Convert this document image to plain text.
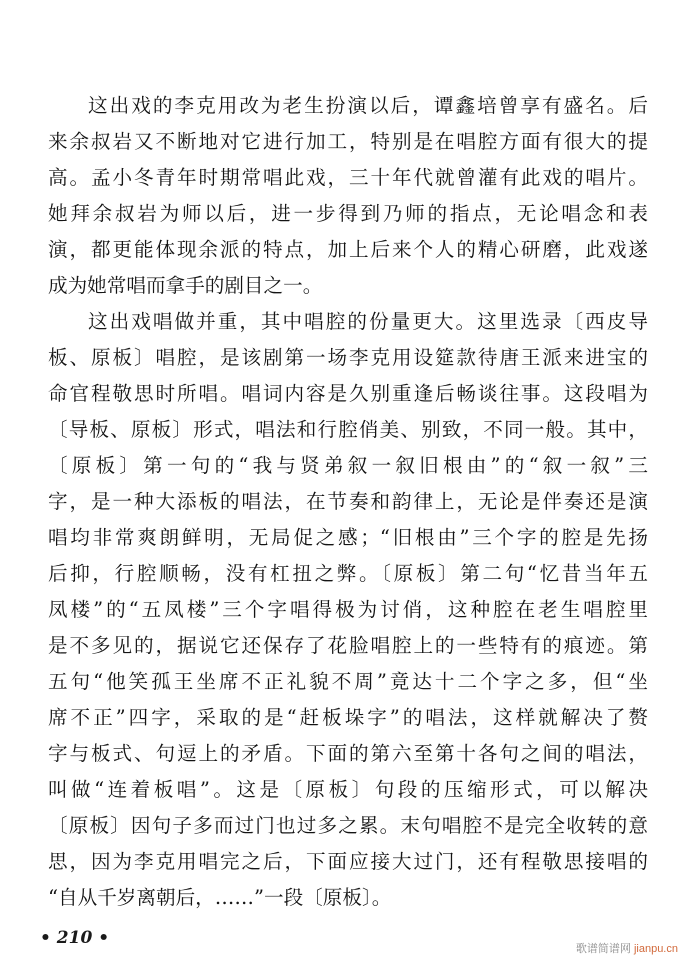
这出戏的李克用改为老生扮演以后，谭鑫培曾享有盛名。后
来余叔岩又不断地对它进行加工，特别是在唱腔方面有很大的提
高。孟小冬青年时期常唱此戏，三十年代就曾灌有此戏的唱片。
她拜余叔岩为师以后，进一步得到乃师的指点，无论唱念和表
演，都更能体现余派的特点，加上后来个人的精心研磨，此戏遂
成为她常唱而拿手的剧目之一。
这出戏唱做并重，其中唱腔的份量更大。这里选录〔西皮导
板、原板〕唱腔，是该剧第一场李克用设筵款待唐王派来进宝的
命官程敬思时所唱。唱词内容是久别重逢后畅谈往事。这段唱为
〔导板、原板〕形式，唱法和行腔俏美、别致，不同一般。其中，
〔原板〕第一句的“我与贤弟叙一叙旧根由”的“叙一叙”三
字，是一种大添板的唱法，在节奏和韵律上，无论是伴奏还是演
唱均非常爽朗鲜明，无局促之感；“旧根由”三个字的腔是先扬
后抑，行腔顺畅，没有杠扭之弊。〔原板〕第二句“忆昔当年五
凤楼”的“五凤楼”三个字唱得极为讨俏，这种腔在老生唱腔里
是不多见的，据说它还保存了花脸唱腔上的一些特有的痕迹。第
五句“他笑孤王坐席不正礼貌不周”竟达十二个字之多，但“坐
席不正”四字，采取的是“赶板垛字”的唱法，这样就解决了赘
字与板式、句逗上的矛盾。下面的第六至第十各句之间的唱法，
叫做“连着板唱”。这是〔原板〕句段的压缩形式，可以解决
〔原板〕因句子多而过门也过多之累。末句唱腔不是完全收转的意
思，因为李克用唱完之后，下面应接大过门，还有程敬思接唱的
“自从千岁离朝后，……”一段〔原板〕。
• 210 •
歌谱简谱网 jianpu.cn
